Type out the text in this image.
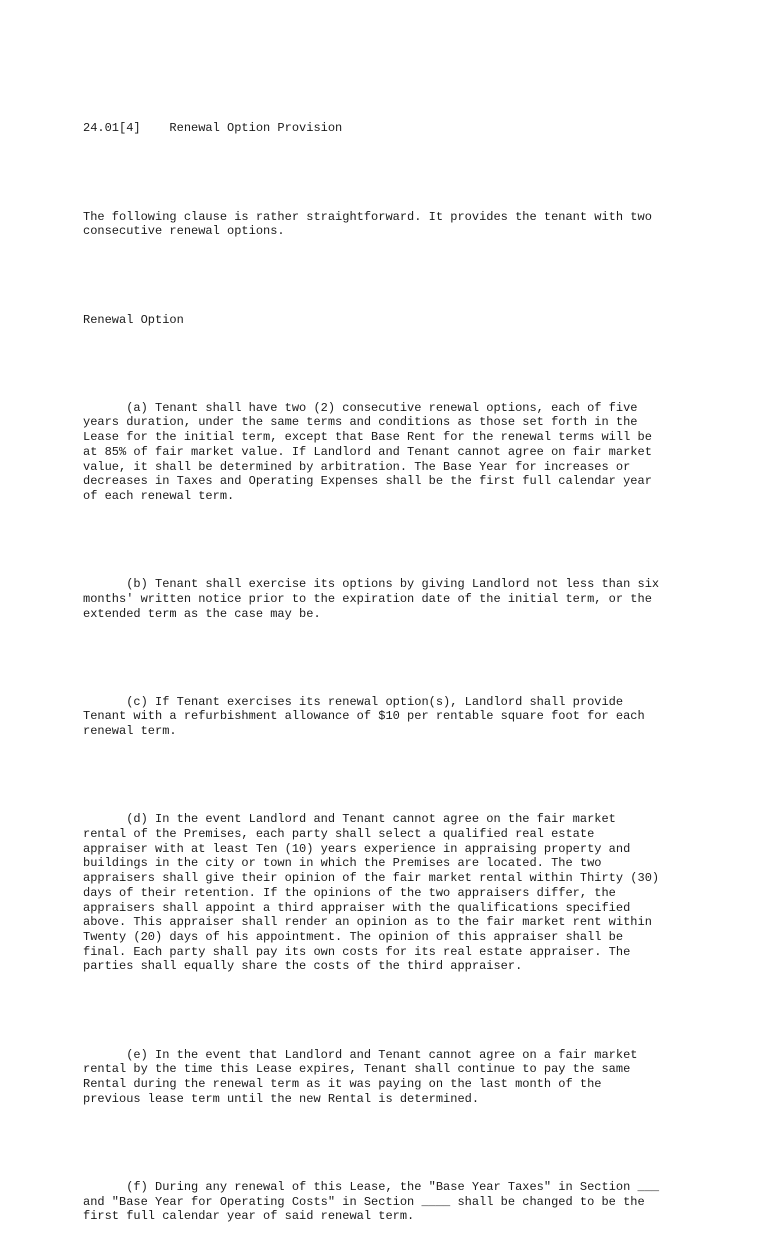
24.01[4]    Renewal Option Provision

The following clause is rather straightforward. It provides the tenant with two
consecutive renewal options.

Renewal Option

(a) Tenant shall have two (2) consecutive renewal options, each of five
years duration, under the same terms and conditions as those set forth in the
Lease for the initial term, except that Base Rent for the renewal terms will be
at 85% of fair market value. If Landlord and Tenant cannot agree on fair market
value, it shall be determined by arbitration. The Base Year for increases or
decreases in Taxes and Operating Expenses shall be the first full calendar year
of each renewal term.

(b) Tenant shall exercise its options by giving Landlord not less than six
months' written notice prior to the expiration date of the initial term, or the
extended term as the case may be.

(c) If Tenant exercises its renewal option(s), Landlord shall provide
Tenant with a refurbishment allowance of $10 per rentable square foot for each
renewal term.

(d) In the event Landlord and Tenant cannot agree on the fair market
rental of the Premises, each party shall select a qualified real estate
appraiser with at least Ten (10) years experience in appraising property and
buildings in the city or town in which the Premises are located. The two
appraisers shall give their opinion of the fair market rental within Thirty (30)
days of their retention. If the opinions of the two appraisers differ, the
appraisers shall appoint a third appraiser with the qualifications specified
above. This appraiser shall render an opinion as to the fair market rent within
Twenty (20) days of his appointment. The opinion of this appraiser shall be
final. Each party shall pay its own costs for its real estate appraiser. The
parties shall equally share the costs of the third appraiser.

(e) In the event that Landlord and Tenant cannot agree on a fair market
rental by the time this Lease expires, Tenant shall continue to pay the same
Rental during the renewal term as it was paying on the last month of the
previous lease term until the new Rental is determined.

(f) During any renewal of this Lease, the "Base Year Taxes" in Section ___
and "Base Year for Operating Costs" in Section ____ shall be changed to be the
first full calendar year of said renewal term.
